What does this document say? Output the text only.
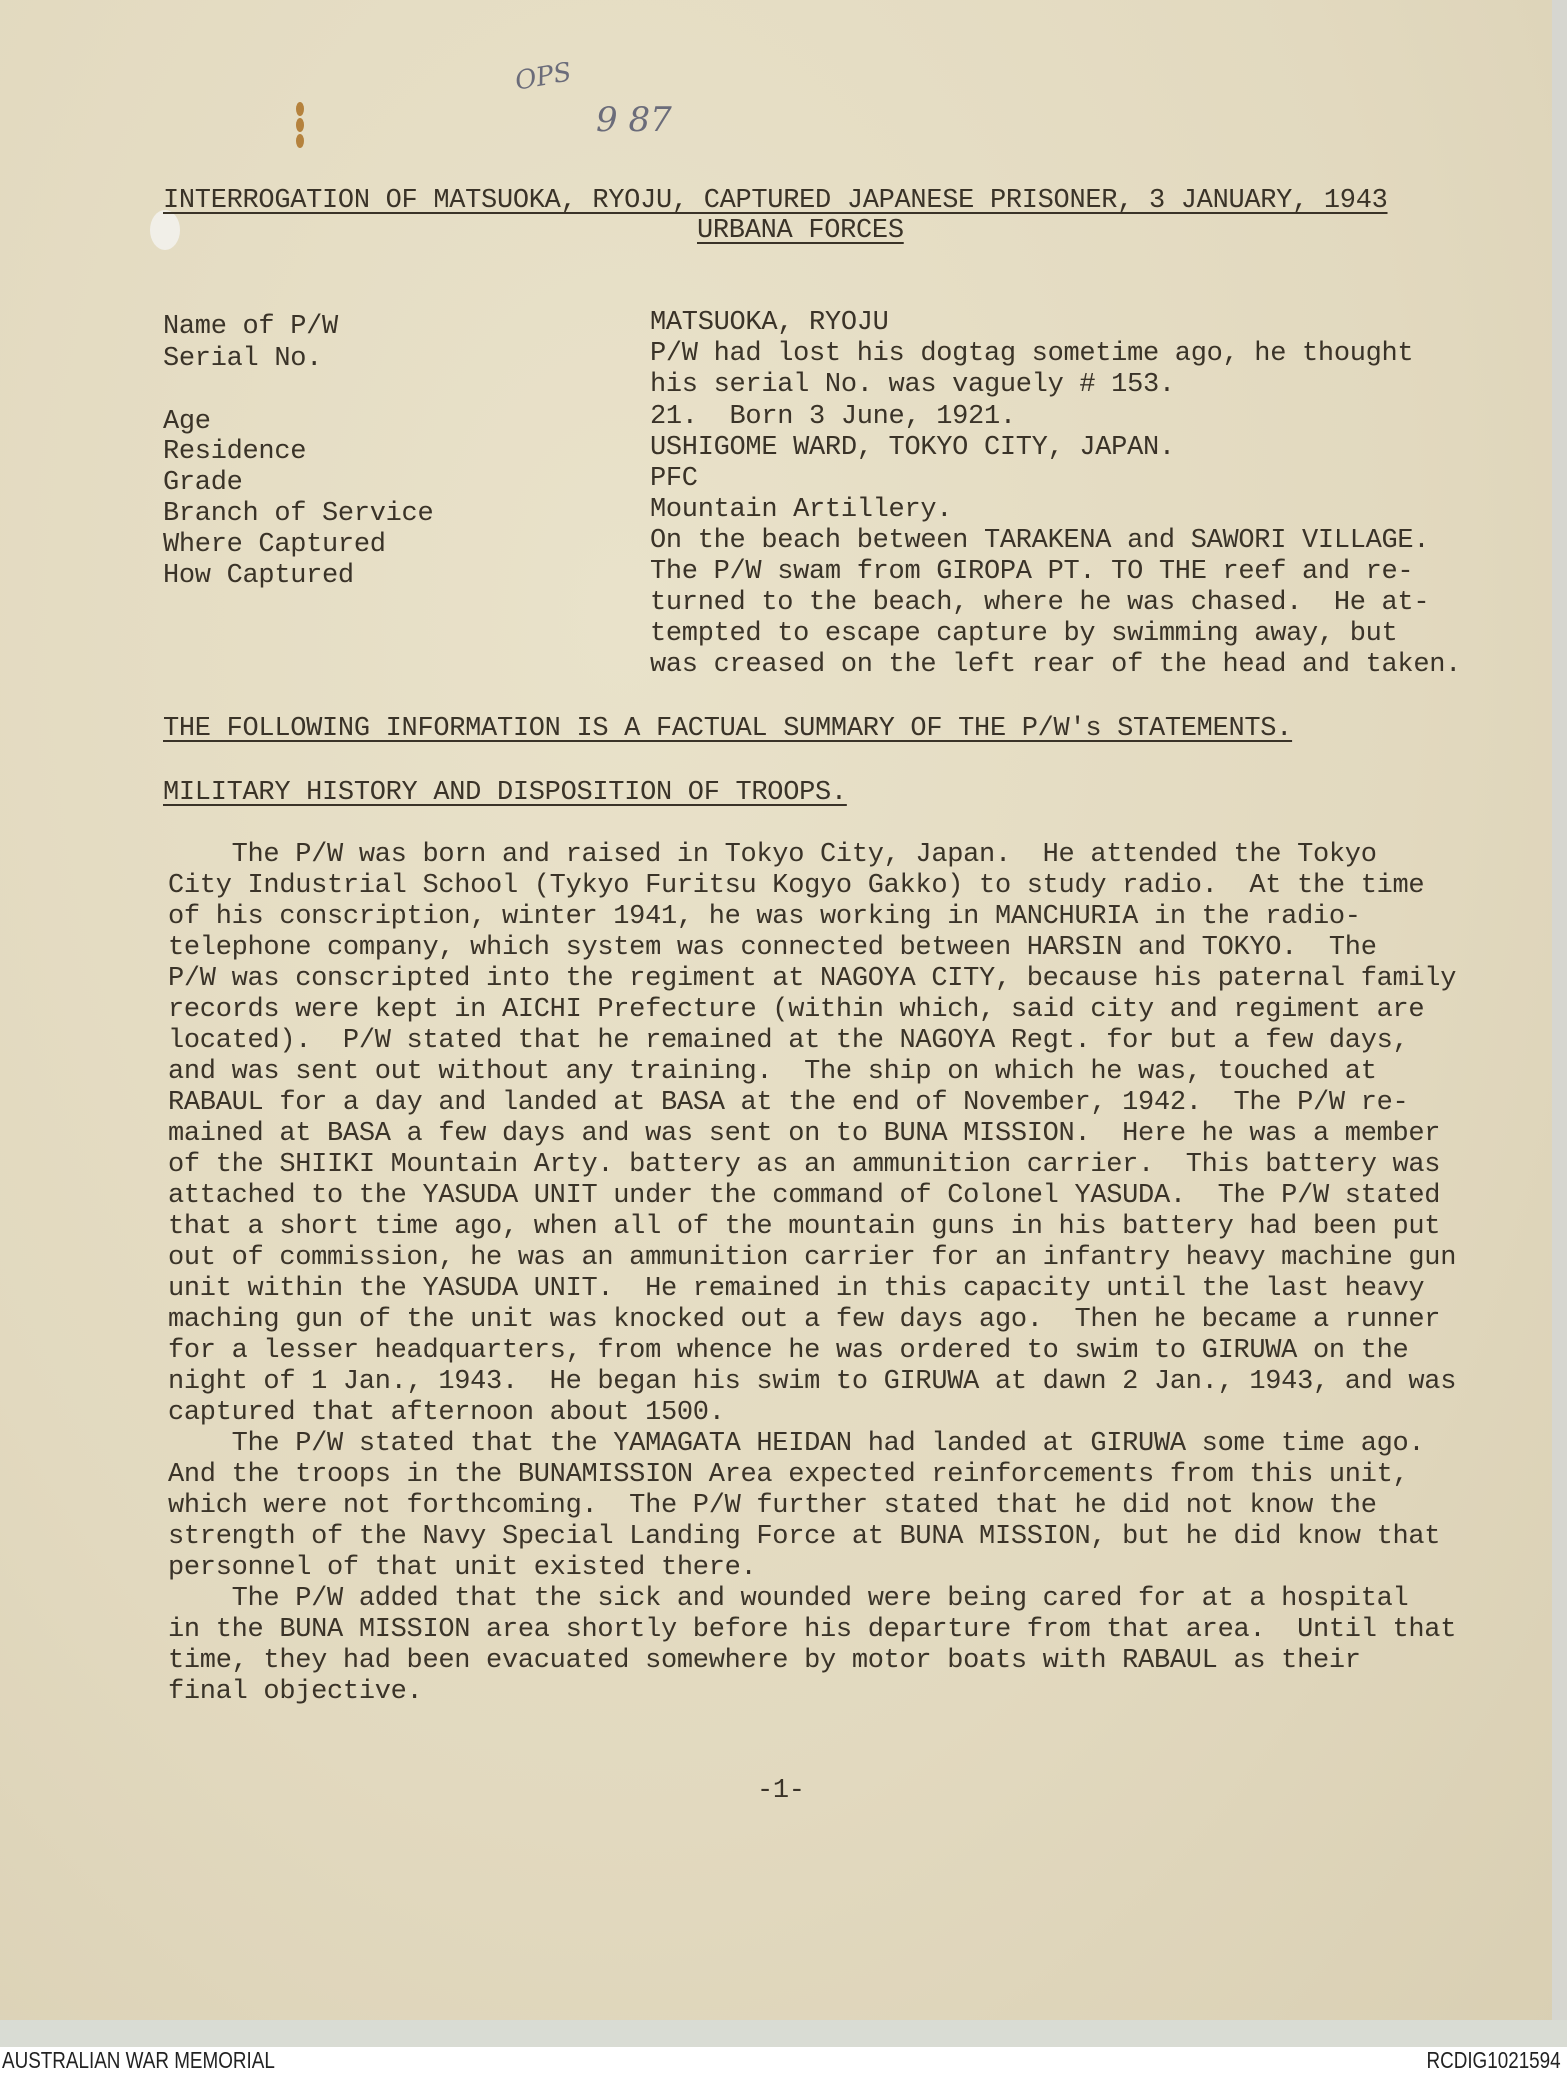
OPS
9 87
INTERROGATION OF MATSUOKA, RYOJU, CAPTURED JAPANESE PRISONER, 3 JANUARY, 1943
URBANA FORCES
Name of P/W
Serial No.
Age
Residence
Grade
Branch of Service
Where Captured
How Captured
MATSUOKA, RYOJU
P/W had lost his dogtag sometime ago, he thought
his serial No. was vaguely # 153.
21.  Born 3 June, 1921.
USHIGOME WARD, TOKYO CITY, JAPAN.
PFC
Mountain Artillery.
On the beach between TARAKENA and SAWORI VILLAGE.
The P/W swam from GIROPA PT. TO THE reef and re-
turned to the beach, where he was chased.  He at-
tempted to escape capture by swimming away, but
was creased on the left rear of the head and taken.
THE FOLLOWING INFORMATION IS A FACTUAL SUMMARY OF THE P/W's STATEMENTS.
MILITARY HISTORY AND DISPOSITION OF TROOPS.
The P/W was born and raised in Tokyo City, Japan.  He attended the Tokyo
City Industrial School (Tykyo Furitsu Kogyo Gakko) to study radio.  At the time
of his conscription, winter 1941, he was working in MANCHURIA in the radio-
telephone company, which system was connected between HARSIN and TOKYO.  The
P/W was conscripted into the regiment at NAGOYA CITY, because his paternal family
records were kept in AICHI Prefecture (within which, said city and regiment are
located).  P/W stated that he remained at the NAGOYA Regt. for but a few days,
and was sent out without any training.  The ship on which he was, touched at
RABAUL for a day and landed at BASA at the end of November, 1942.  The P/W re-
mained at BASA a few days and was sent on to BUNA MISSION.  Here he was a member
of the SHIIKI Mountain Arty. battery as an ammunition carrier.  This battery was
attached to the YASUDA UNIT under the command of Colonel YASUDA.  The P/W stated
that a short time ago, when all of the mountain guns in his battery had been put
out of commission, he was an ammunition carrier for an infantry heavy machine gun
unit within the YASUDA UNIT.  He remained in this capacity until the last heavy
maching gun of the unit was knocked out a few days ago.  Then he became a runner
for a lesser headquarters, from whence he was ordered to swim to GIRUWA on the
night of 1 Jan., 1943.  He began his swim to GIRUWA at dawn 2 Jan., 1943, and was
captured that afternoon about 1500.
The P/W stated that the YAMAGATA HEIDAN had landed at GIRUWA some time ago.
And the troops in the BUNAMISSION Area expected reinforcements from this unit,
which were not forthcoming.  The P/W further stated that he did not know the
strength of the Navy Special Landing Force at BUNA MISSION, but he did know that
personnel of that unit existed there.
The P/W added that the sick and wounded were being cared for at a hospital
in the BUNA MISSION area shortly before his departure from that area.  Until that
time, they had been evacuated somewhere by motor boats with RABAUL as their
final objective.
-1-
AUSTRALIAN WAR MEMORIAL	RCDIG1021594
